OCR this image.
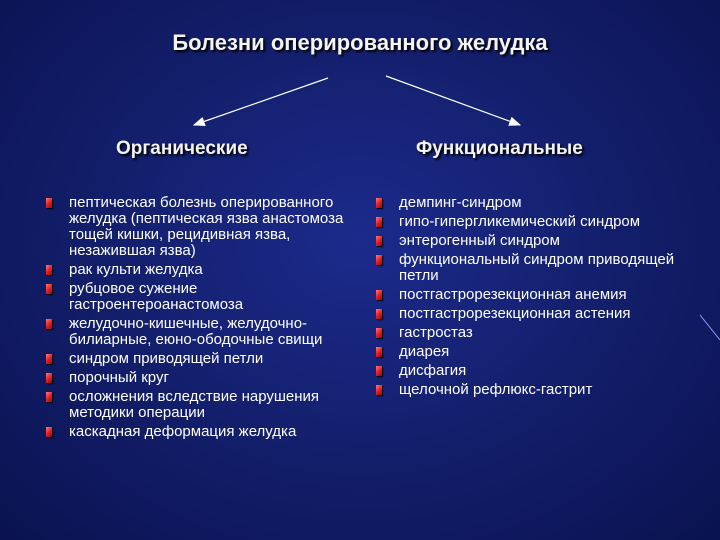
Болезни оперированного желудка
Органические	Функциональные
пептическая болезнь оперированного желудка (пептическая язва анастомоза тощей кишки, рецидивная язва, незажившая язва)
рак культи желудка
рубцовое сужение гастроентероанастомоза
желудочно-кишечные, желудочно-билиарные, еюно-ободочные свищи
синдром приводящей петли
порочный круг
осложнения вследствие нарушения методики операции
каскадная деформация желудка
демпинг-синдром
гипо-гипергликемический синдром
энтерогенный синдром
функциональный синдром приводящей петли
постгастрорезекционная анемия
постгастрорезекционная астения
гастростаз
диарея
дисфагия
щелочной рефлюкс-гастрит
